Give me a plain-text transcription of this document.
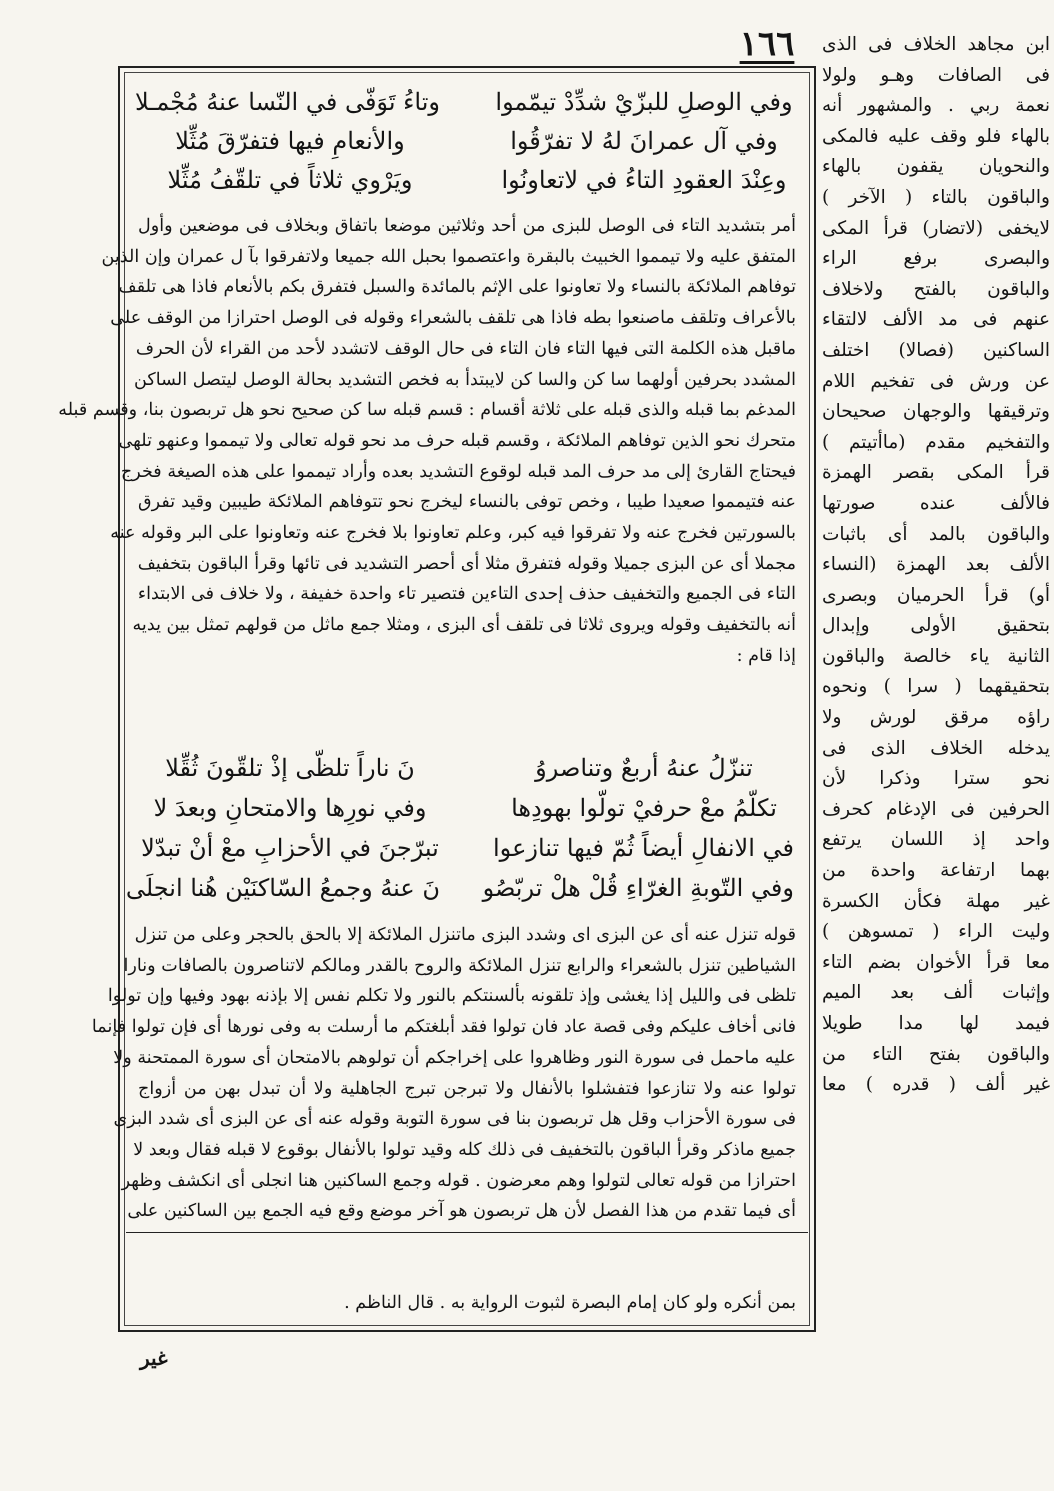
١٦٦
وفي الوصلِ للبزّيْ شدِّدْ تيمّموا
وتاءُ تَوَفّى في النّسا عنهُ مُجْمـلا
وفي آل عمرانَ لهُ لا تفرّقُوا
والأنعامِ فيها فتفرّقَ مُثِّلا
وعِنْدَ العقودِ التاءُ في لاتعاونُوا
ويَرْوي ثلاثاً في تلقّفُ مُثِّلا
أمر بتشديد التاء فى الوصل للبزى من أحد وثلاثين موضعا باتفاق وبخلاف فى موضعين وأول
المتفق عليه ولا تيمموا الخبيث بالبقرة واعتصموا بحبل الله جميعا ولاتفرقوا بآ ل عمران وإن الذين
توفاهم الملائكة بالنساء ولا تعاونوا على الإثم بالمائدة والسبل فتفرق بكم بالأنعام فاذا هى تلقف
بالأعراف وتلقف ماصنعوا بطه فاذا هى تلقف بالشعراء وقوله فى الوصل احترازا من الوقف على
ماقبل هذه الكلمة التى فيها التاء فان التاء فى حال الوقف لاتشدد لأحد من القراء لأن الحرف
المشدد بحرفين أولهما سا كن والسا كن لايبتدأ به فخص التشديد بحالة الوصل ليتصل الساكن
المدغم بما قبله والذى قبله على ثلاثة أقسام : قسم قبله سا كن صحيح نحو هل تربصون بنا، وقسم قبله
متحرك نحو الذين توفاهم الملائكة ، وقسم قبله حرف مد نحو قوله تعالى ولا تيمموا وعنهو تلهى
فيحتاج القارئ إلى مد حرف المد قبله لوقوع التشديد بعده وأراد تيمموا على هذه الصيغة فخرج
عنه فتيمموا صعيدا طيبا ، وخص توفى بالنساء ليخرج نحو تتوفاهم الملائكة طيبين وقيد تفرق
بالسورتين فخرج عنه ولا تفرقوا فيه كبر، وعلم تعاونوا بلا فخرج عنه وتعاونوا على البر وقوله عنه
مجملا أى عن البزى جميلا وقوله فتفرق مثلا أى أحصر التشديد فى تائها وقرأ الباقون بتخفيف
التاء فى الجميع والتخفيف حذف إحدى التاءين فتصير تاء واحدة خفيفة ، ولا خلاف فى الابتداء
أنه بالتخفيف وقوله ويروى ثلاثا فى تلقف أى البزى ، ومثلا جمع ماثل من قولهم تمثل بين يديه
إذا قام :
تنزّلُ عنهُ أربعٌ وتناصروُ
نَ ناراً تلظّى إذْ تلقّونَ ثُقِّلا
تكلّمُ معْ حرفيْ تولّوا بهودِها
وفي نورِها والامتحانِ وبعدَ لا
في الانفالِ أيضاً ثُمّ فيها تنازعوا
تبرّجنَ في الأحزابِ معْ أنْ تبدّلا
وفي التّوبةِ الغرّاءِ قُلْ هلْ تربّصُو
نَ عنهُ وجمعُ السّاكنَيْن هُنا انجلَى
قوله تنزل عنه أى عن البزى اى وشدد البزى ماتنزل الملائكة إلا بالحق بالحجر وعلى من تنزل
الشياطين تنزل بالشعراء والرابع تنزل الملائكة والروح بالقدر ومالكم لاتناصرون بالصافات ونارا
تلظى فى والليل إذا يغشى وإذ تلقونه بألسنتكم بالنور ولا تكلم نفس إلا بإذنه بهود وفيها وإن تولوا
فانى أخاف عليكم وفى قصة عاد فان تولوا فقد أبلغتكم ما أرسلت به وفى نورها أى فإن تولوا فإنما
عليه ماحمل فى سورة النور وظاهروا على إخراجكم أن تولوهم بالامتحان أى سورة الممتحنة ولا
تولوا عنه ولا تنازعوا فتفشلوا بالأنفال ولا تبرجن تبرج الجاهلية ولا أن تبدل بهن من أزواج
فى سورة الأحزاب وقل هل تربصون بنا فى سورة التوبة وقوله عنه أى عن البزى أى شدد البزى
جميع ماذكر وقرأ الباقون بالتخفيف فى ذلك كله وقيد تولوا بالأنفال بوقوع لا قبله فقال وبعد لا
احترازا من قوله تعالى لتولوا وهم معرضون . قوله وجمع الساكنين هنا انجلى أى انكشف وظهر
أى فيما تقدم من هذا الفصل لأن هل تربصون هو آخر موضع وقع فيه الجمع بين الساكنين على
بمن أنكره ولو كان إمام البصرة لثبوت الرواية به . قال الناظم .
ابن مجاهد الخلاف فى الذى
فى الصافات وهـو ولولا
نعمة ربي . والمشهور أنه
بالهاء فلو وقف عليه فالمكى
والنحويان يقفون بالهاء
والباقون بالتاء ( الآخر )
لايخفى (لاتضار) قرأ المكى
والبصرى برفع الراء
والباقون بالفتح ولاخلاف
عنهم فى مد الألف لالتقاء
الساكنين (فصالا) اختلف
عن ورش فى تفخيم اللام
وترقيقها والوجهان صحيحان
والتفخيم مقدم (ماأتيتم )
قرأ المكى بقصر الهمزة
فالألف عنده صورتها
والباقون بالمد أى باثبات
الألف بعد الهمزة (النساء
أو) قرأ الحرميان وبصرى
بتحقيق الأولى وإبدال
الثانية ياء خالصة والباقون
بتحقيقهما ( سرا ) ونحوه
راؤه مرقق لورش ولا
يدخله الخلاف الذى فى
نحو سترا وذكرا لأن
الحرفين فى الإدغام كحرف
واحد إذ اللسان يرتفع
بهما ارتفاعة واحدة من
غير مهلة فكأن الكسرة
وليت الراء ( تمسوهن )
معا قرأ الأخوان بضم التاء
وإثبات ألف بعد الميم
فيمد لها مدا طويلا
والباقون بفتح التاء من
غير ألف ( قدره ) معا
غير
